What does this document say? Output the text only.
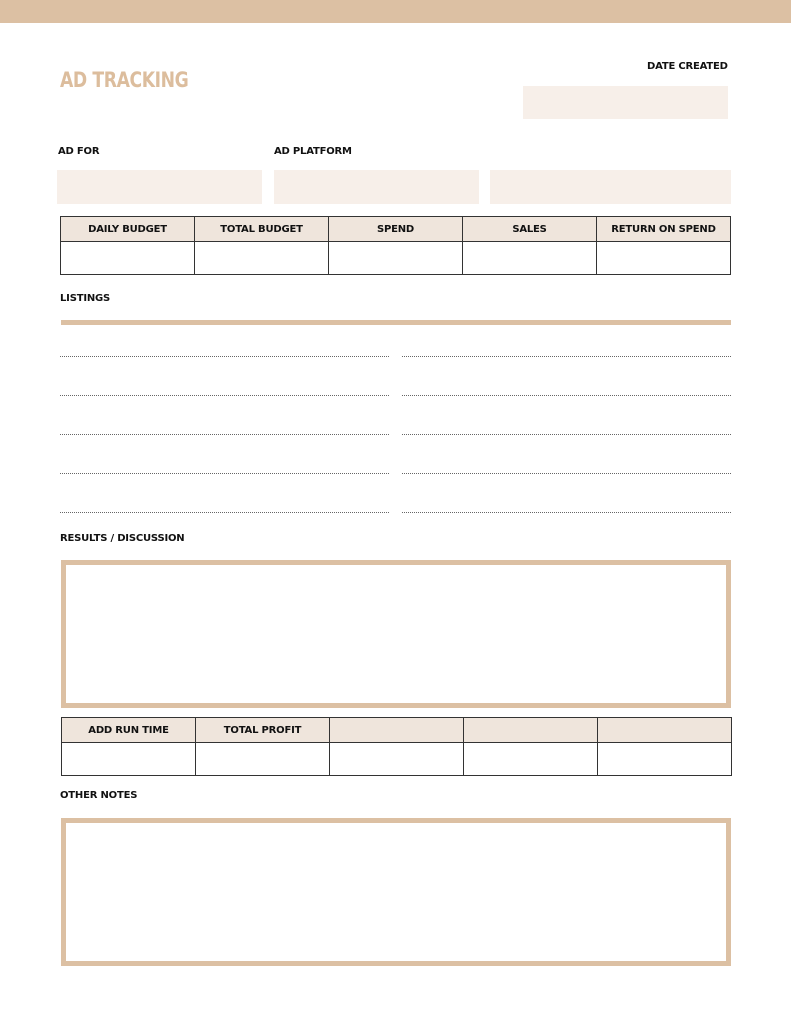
AD TRACKING
DATE CREATED
AD FOR	AD PLATFORM
DAILY BUDGET	TOTAL BUDGET	SPEND	SALES	RETURN ON SPEND

LISTINGS
RESULTS / DISCUSSION
ADD RUN TIME	TOTAL PROFIT			

OTHER NOTES
